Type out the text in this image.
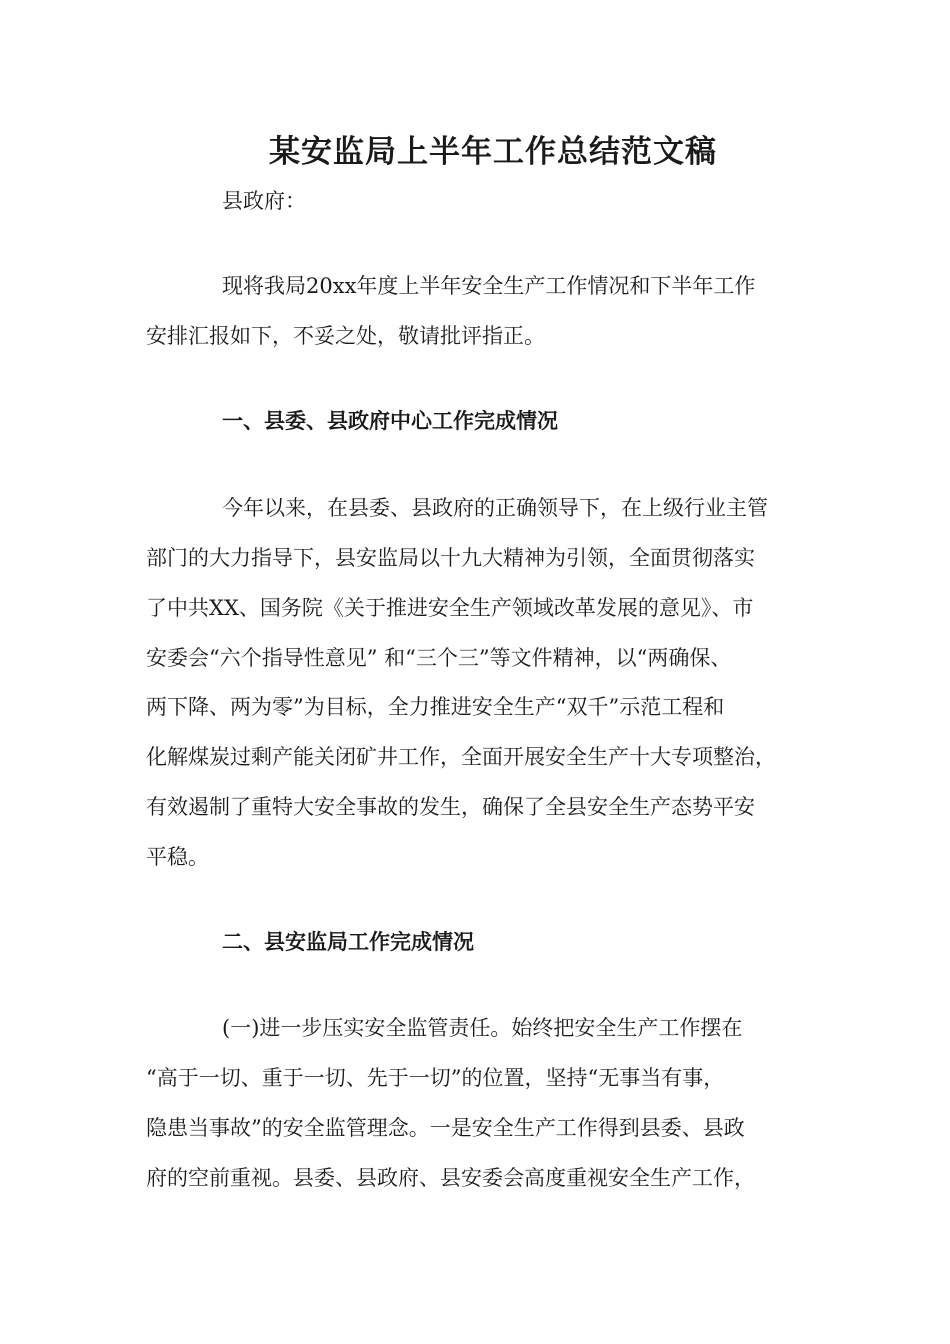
某安监局上半年工作总结范文稿
县政府：
现将我局20xx年度上半年安全生产工作情况和下半年工作
安排汇报如下，不妥之处，敬请批评指正。
一、县委、县政府中心工作完成情况
今年以来，在县委、县政府的正确领导下，在上级行业主管
部门的大力指导下，县安监局以十九大精神为引领，全面贯彻落实
了中共XX、国务院《关于推进安全生产领域改革发展的意见》、市
安委会“六个指导性意见” 和“三个三”等文件精神，以“两确保、
两下降、两为零”为目标，全力推进安全生产“双千”示范工程和
化解煤炭过剩产能关闭矿井工作，全面开展安全生产十大专项整治，
有效遏制了重特大安全事故的发生，确保了全县安全生产态势平安
平稳。
二、县安监局工作完成情况
(一)进一步压实安全监管责任。始终把安全生产工作摆在
“高于一切、重于一切、先于一切”的位置，坚持“无事当有事，
隐患当事故”的安全监管理念。一是安全生产工作得到县委、县政
府的空前重视。县委、县政府、县安委会高度重视安全生产工作，
